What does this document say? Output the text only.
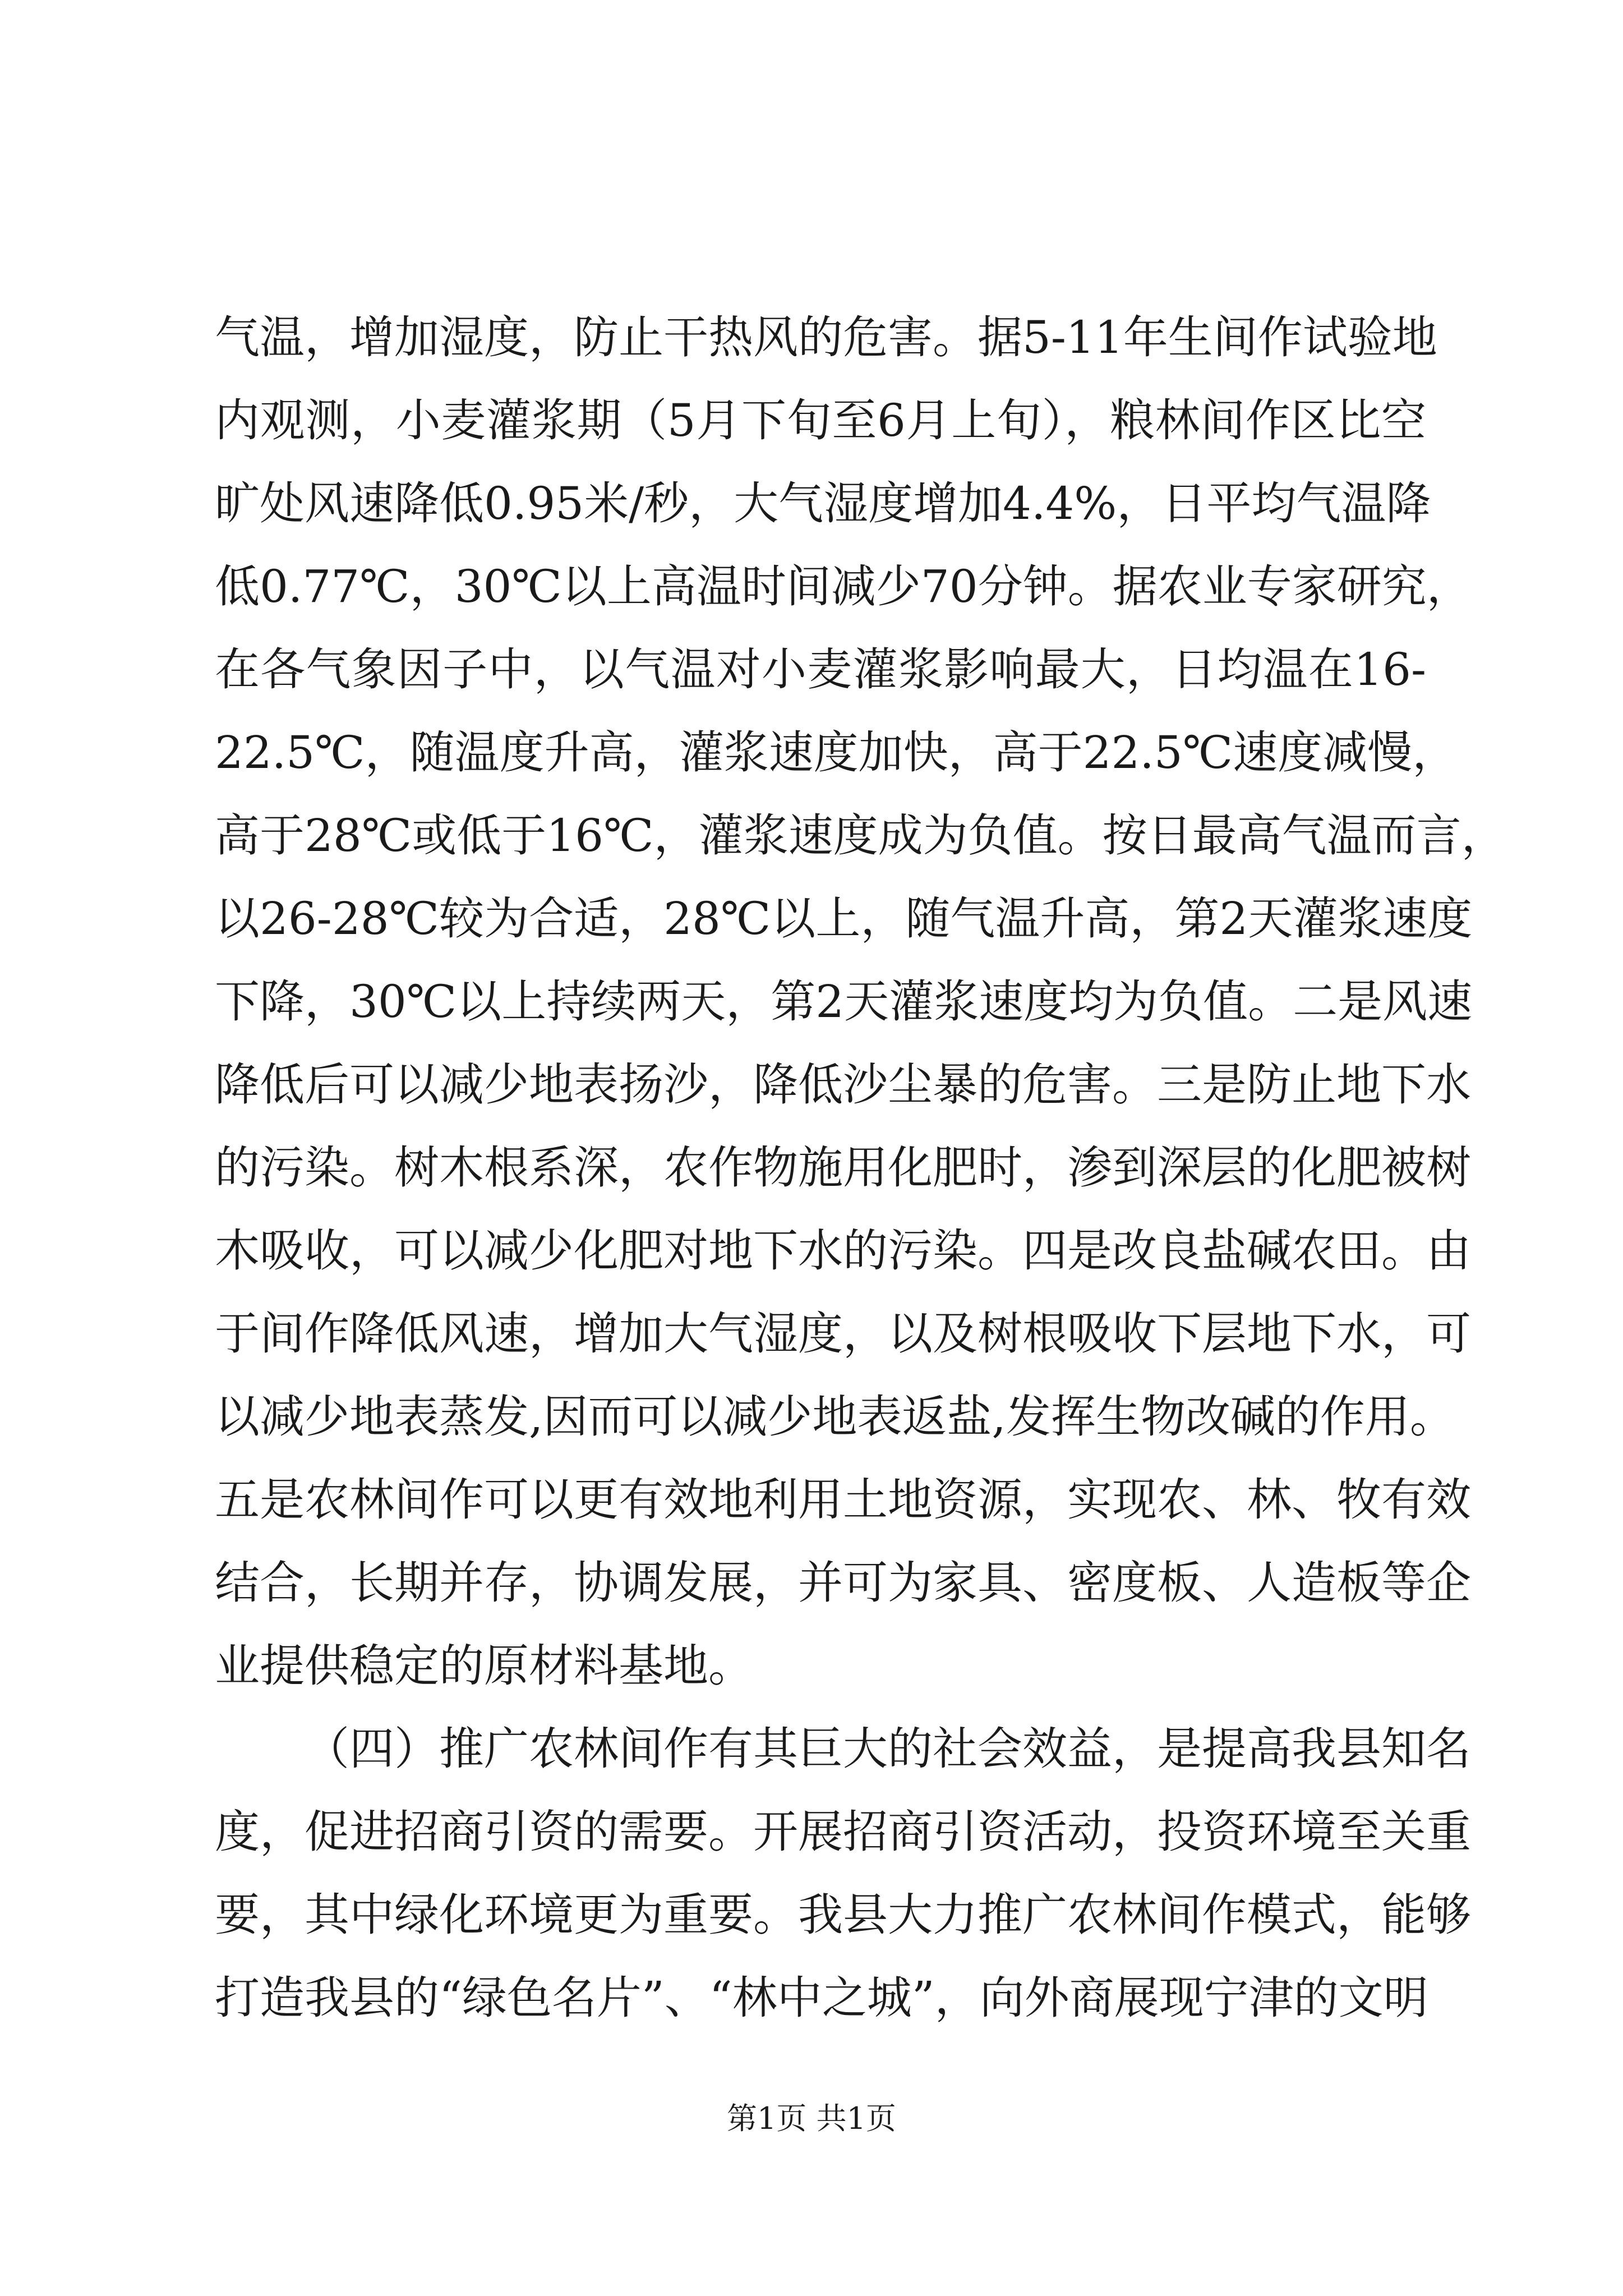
气温，增加湿度，防止干热风的危害。据5-11年生间作试验地
内观测，小麦灌浆期（5月下旬至6月上旬），粮林间作区比空
旷处风速降低0.95米/秒，大气湿度增加4.4%，日平均气温降
低0.77℃，30℃以上高温时间减少70分钟。据农业专家研究，
在各气象因子中，以气温对小麦灌浆影响最大，日均温在16-
22.5℃，随温度升高，灌浆速度加快，高于22.5℃速度减慢，
高于28℃或低于16℃，灌浆速度成为负值。按日最高气温而言，
以26-28℃较为合适，28℃以上，随气温升高，第2天灌浆速度
下降，30℃以上持续两天，第2天灌浆速度均为负值。二是风速
降低后可以减少地表扬沙，降低沙尘暴的危害。三是防止地下水
的污染。树木根系深，农作物施用化肥时，渗到深层的化肥被树
木吸收，可以减少化肥对地下水的污染。四是改良盐碱农田。由
于间作降低风速，增加大气湿度，以及树根吸收下层地下水，可
以减少地表蒸发,因而可以减少地表返盐,发挥生物改碱的作用。
五是农林间作可以更有效地利用土地资源，实现农、林、牧有效
结合，长期并存，协调发展，并可为家具、密度板、人造板等企
业提供稳定的原材料基地。
（四）推广农林间作有其巨大的社会效益，是提高我县知名
度，促进招商引资的需要。开展招商引资活动，投资环境至关重
要，其中绿化环境更为重要。我县大力推广农林间作模式，能够
打造我县的“绿色名片”、“林中之城”，向外商展现宁津的文明
第1页 共1页
